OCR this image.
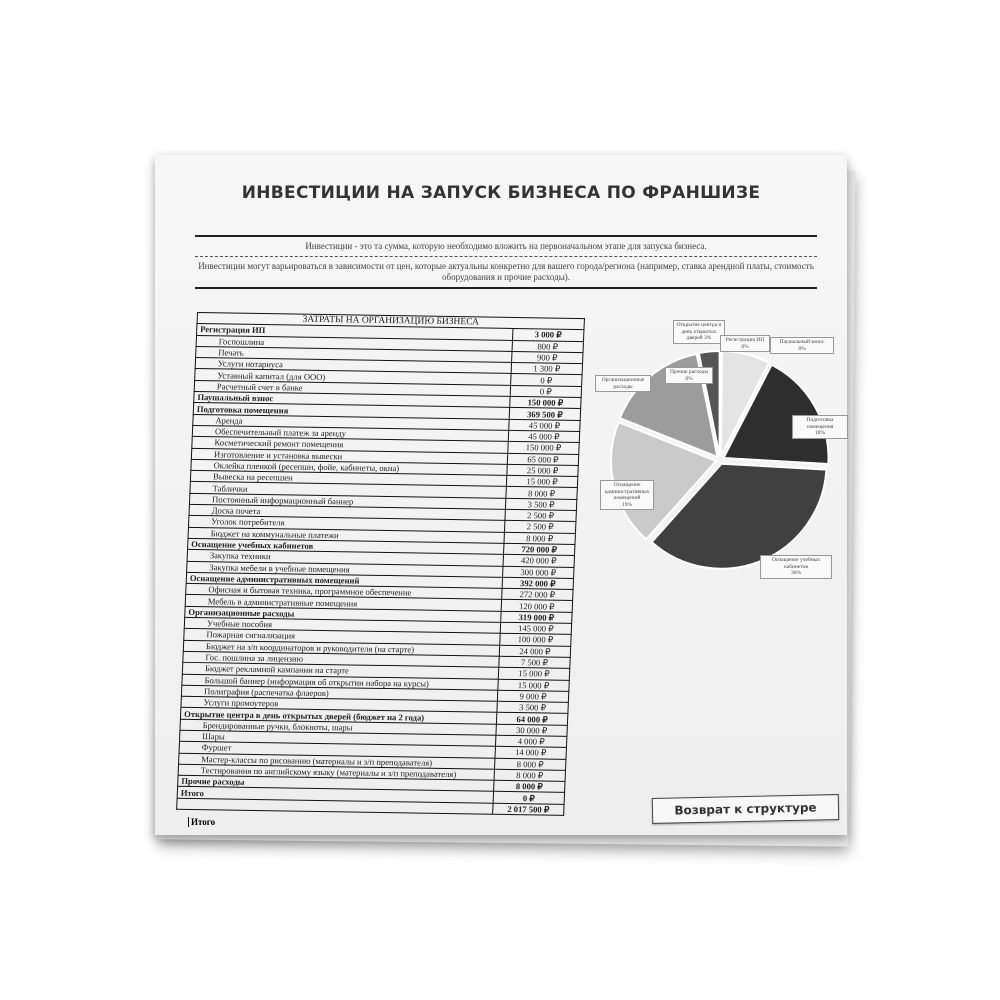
ИНВЕСТИЦИИ НА ЗАПУСК БИЗНЕСА ПО ФРАНШИЗЕ
Инвестиции - это та сумма, которую необходимо вложить на первоначальном этапе для запуска бизнеса.
Инвестиции могут варьироваться в зависимости от цен, которые актуальны конкретно для вашего города/региона (например, ставка арендной платы, стоимость оборудования и прочие расходы).
ЗАТРАТЫ НА ОРГАНИЗАЦИЮ БИЗНЕСА	
Регистрация ИП	3 000 ₽
Госпошлина	800 ₽
Печать	900 ₽
Услуги нотариуса	1 300 ₽
Уставный капитал (для ООО)	0 ₽
Расчетный счет в банке	0 ₽
Паушальный взнос	150 000 ₽
Подготовка помещения	369 500 ₽
Аренда	45 000 ₽
Обеспечительный платеж за аренду	45 000 ₽
Косметический ремонт помещения	150 000 ₽
Изготовление и установка вывески	65 000 ₽
Оклейка пленкой (ресепшн, фойе, кабинеты, окна)	25 000 ₽
Вывеска на ресепшен	15 000 ₽
Таблички	8 000 ₽
Постоянный информационный баннер	3 500 ₽
Доска почета	2 500 ₽
Уголок потребителя	2 500 ₽
Бюджет на коммунальные платежи	8 000 ₽
Оснащение учебных кабинетов	720 000 ₽
Закупка техники	420 000 ₽
Закупка мебели в учебные помещения	300 000 ₽
Оснащение административных помещений	392 000 ₽
Офисная и бытовая техника, программное обеспечение	272 000 ₽
Мебель в административные помещения	120 000 ₽
Организационные расходы	319 000 ₽
Учебные пособия	145 000 ₽
Пожарная сигнализация	100 000 ₽
Бюджет на з/п координаторов и руководителя (на старте)	24 000 ₽
Гос. пошлина за лицензию	7 500 ₽
Бюджет рекламной кампании на старте	15 000 ₽
Большой баннер (информация об открытии набора на курсы)	15 000 ₽
Полиграфия (распечатка флаеров)	9 000 ₽
Услуги промоутеров	3 500 ₽
Открытие центра в день открытых дверей (бюджет на 2 года)	64 000 ₽
Брендированные ручки, блокноты, шары	30 000 ₽
Шары	4 000 ₽
Фуршет	14 000 ₽
Мастер-классы по рисованию (материалы и з/п преподавателя)	8 000 ₽
Тестирования по английскому языку (материалы и з/п преподавателя)	8 000 ₽
Прочие расходы	8 000 ₽
Итого	0 ₽
	2 017 500 ₽
Итого
Открытие центра и день открытых дверей 3%	Регистрация ИП 0%
Паушальный взнос
8%
Прочие расходы
0%
Организационные расходы
Подготовка помещения
18%
Оснащение административных помещений
19%
Оснащение учебных кабинетов
36%
Возврат к структуре
